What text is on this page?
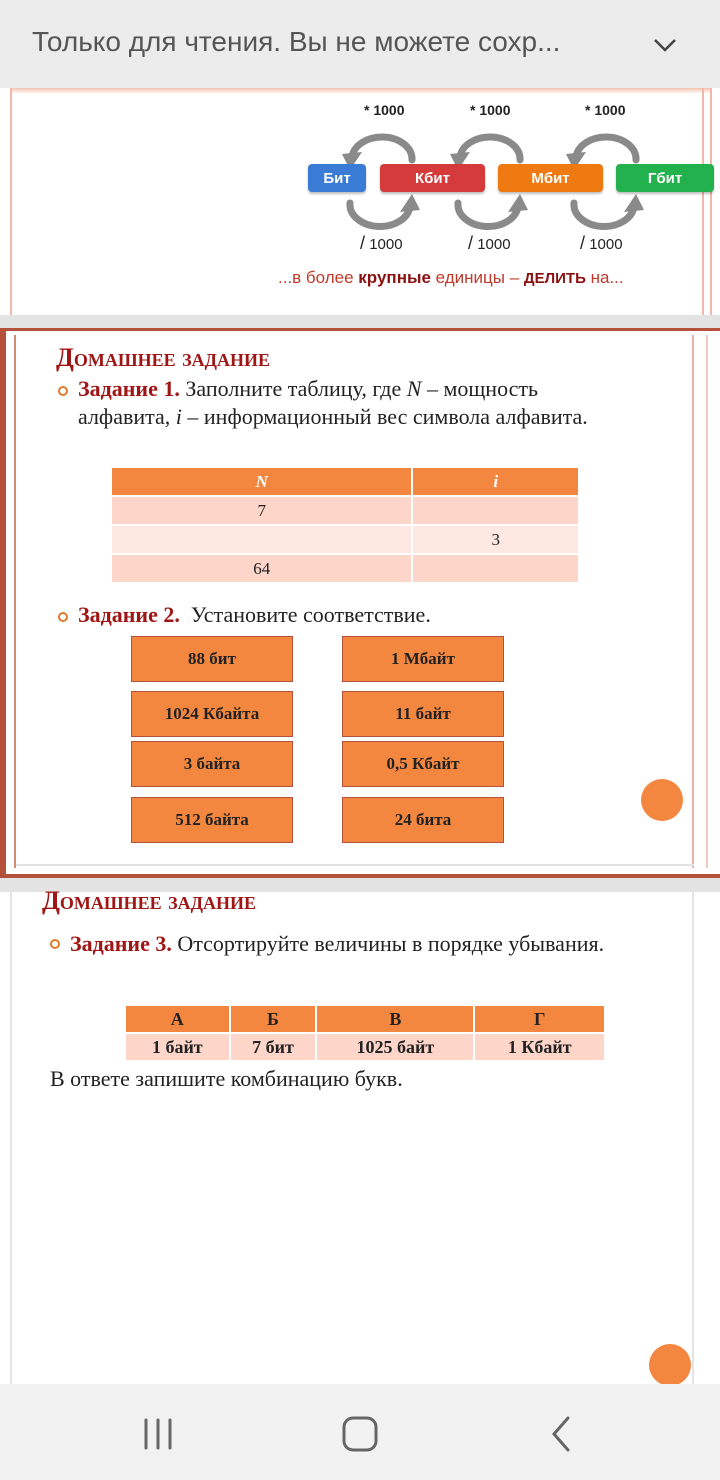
Только для чтения. Вы не можете сохр...
* 1000	* 1000	* 1000
Бит	Кбит	Мбит	Гбит
/ 1000	/ 1000	/ 1000
...в более крупные единицы – ДЕЛИТЬ на...
Домашнее задание
Задание 1. Заполните таблицу, где N – мощность алфавита, i – информационный вес символа алфавита.
N	i
7	
	3
64	
Задание 2.  Установите соответствие.
88 бит
1024 Кбайта
3 байта
512 байта
1 Мбайт
11 байт
0,5 Кбайт
24 бита
Домашнее задание
Задание 3. Отсортируйте величины в порядке убывания.
А	Б	В	Г
1 байт	7 бит	1025 байт	1 Кбайт
В ответе запишите комбинацию букв.
